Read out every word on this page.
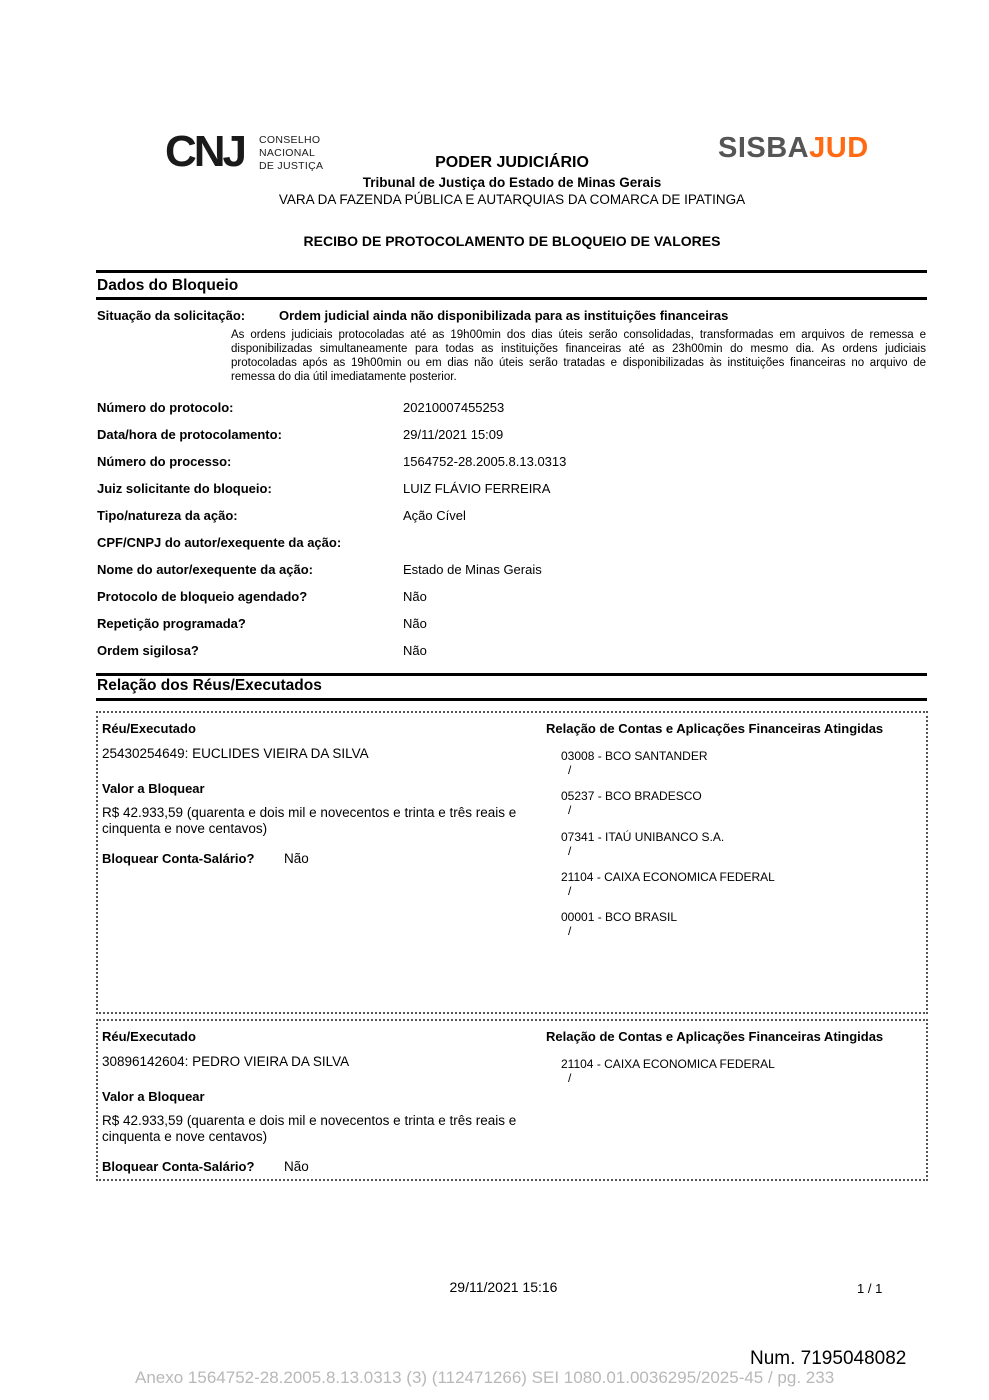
CNJ CONSELHO
NACIONAL
DE JUSTIÇA
SISBAJUD
PODER JUDICIÁRIO
Tribunal de Justiça do Estado de Minas Gerais
VARA DA FAZENDA PÚBLICA E AUTARQUIAS DA COMARCA DE IPATINGA
RECIBO DE PROTOCOLAMENTO DE BLOQUEIO DE VALORES
Dados do Bloqueio
Situação da solicitação:	Ordem judicial ainda não disponibilizada para as instituições financeiras
As ordens judiciais protocoladas até as 19h00min dos dias úteis serão consolidadas, transformadas em arquivos de remessa e disponibilizadas simultaneamente para todas as instituições financeiras até as 23h00min do mesmo dia. As ordens judiciais protocoladas após as 19h00min ou em dias não úteis serão tratadas e disponibilizadas às instituições financeiras no arquivo de remessa do dia útil imediatamente posterior.
Número do protocolo:	20210007455253
Data/hora de protocolamento:	29/11/2021 15:09
Número do processo:	1564752-28.2005.8.13.0313
Juiz solicitante do bloqueio:	LUIZ FLÁVIO FERREIRA
Tipo/natureza da ação:	Ação Cível
CPF/CNPJ do autor/exequente da ação:
Nome do autor/exequente da ação:	Estado de Minas Gerais
Protocolo de bloqueio agendado?	Não
Repetição programada?	Não
Ordem sigilosa?	Não
Relação dos Réus/Executados
Réu/Executado
25430254649: EUCLIDES VIEIRA DA SILVA
Valor a Bloquear
R$ 42.933,59 (quarenta e dois mil e novecentos e trinta e três reais e cinquenta e nove centavos)
Bloquear Conta-Salário? Não
Relação de Contas e Aplicações Financeiras Atingidas
03008 - BCO SANTANDER
/
05237 - BCO BRADESCO
/
07341 - ITAÚ UNIBANCO S.A.
/
21104 - CAIXA ECONOMICA FEDERAL
/
00001 - BCO BRASIL
/
Réu/Executado
30896142604: PEDRO VIEIRA DA SILVA
Valor a Bloquear
R$ 42.933,59 (quarenta e dois mil e novecentos e trinta e três reais e cinquenta e nove centavos)
Bloquear Conta-Salário? Não
Relação de Contas e Aplicações Financeiras Atingidas
21104 - CAIXA ECONOMICA FEDERAL
/
29/11/2021 15:16	1 / 1
Num. 7195048082
Anexo 1564752-28.2005.8.13.0313 (3) (112471266) SEI 1080.01.0036295/2025-45 / pg. 233
